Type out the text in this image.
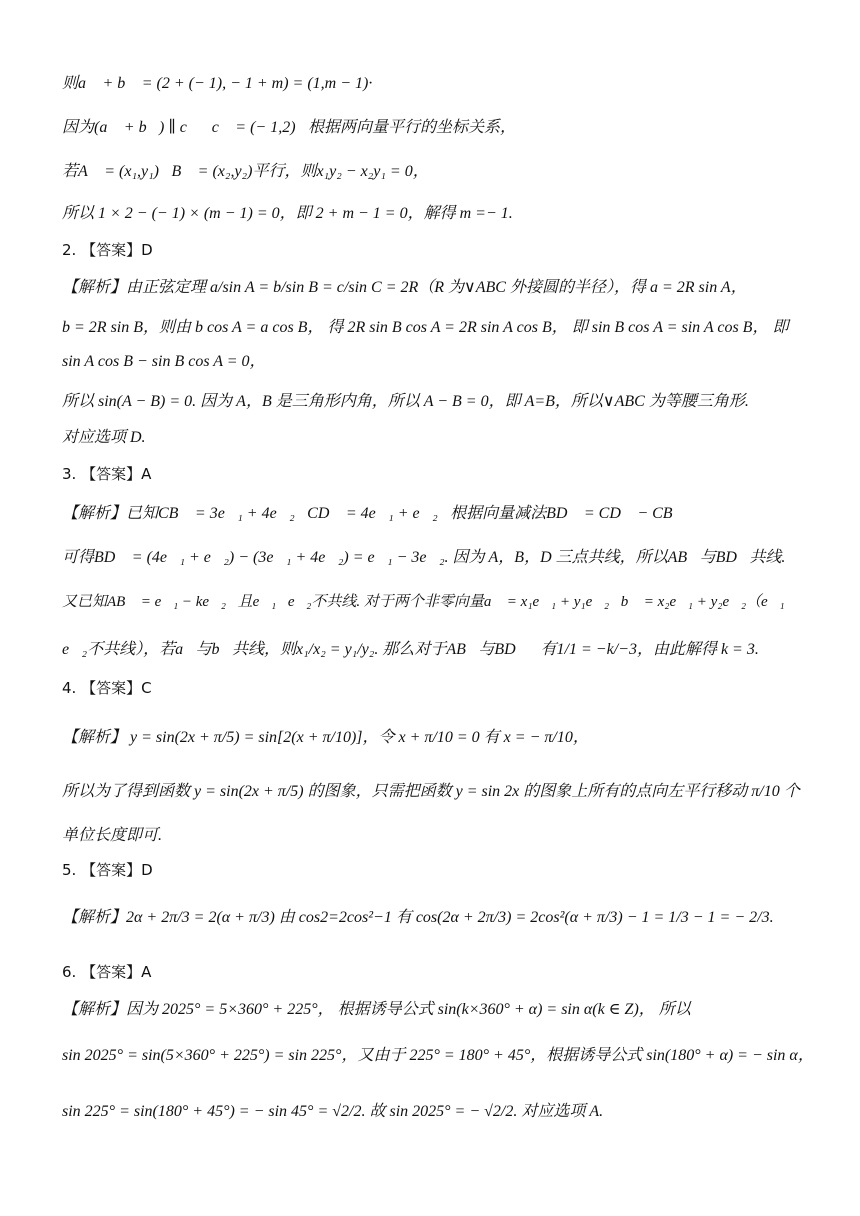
则a⃗ + b⃗ = (2 + (− 1), − 1 + m) = (1,m − 1)·
因为(a⃗ + b⃗) ∥ c⃗，c⃗ = (− 1,2)，根据两向量平行的坐标关系，
若A⃗ = (x₁,y₁)，B⃗ = (x₂,y₂)平行，则x₁y₂ − x₂y₁ = 0，
所以 1 × 2 − (− 1) × (m − 1) = 0，即 2 + m − 1 = 0，解得 m =− 1.
2. 【答案】D
【解析】由正弦定理 a/sin A = b/sin B = c/sin C = 2R（R 为∨ABC 外接圆的半径），得 a = 2R sin A，
b = 2R sin B，则由 b cos A = a cos B， 得 2R sin B cos A = 2R sin A cos B， 即 sin B cos A = sin A cos B， 即
sin A cos B − sin B cos A = 0，
所以 sin(A − B) = 0. 因为 A，B 是三角形内角，所以 A − B = 0，即 A=B，所以∨ABC 为等腰三角形.
对应选项 D.
3. 【答案】A
【解析】已知CB⃗ = 3e⃗₁ + 4e⃗₂，CD⃗ = 4e⃗₁ + e⃗₂，根据向量减法BD⃗ = CD⃗ − CB⃗，
可得BD⃗ = (4e⃗₁ + e⃗₂) − (3e⃗₁ + 4e⃗₂) = e⃗₁ − 3e⃗₂. 因为 A，B，D 三点共线，所以AB⃗与BD⃗共线.
又已知AB⃗ = e⃗₁ − ke⃗₂，且e⃗₁，e⃗₂不共线. 对于两个非零向量a⃗ = x₁e⃗₁ + y₁e⃗₂，b⃗ = x₂e⃗₁ + y₂e⃗₂（e⃗₁，
e⃗₂不共线），若a⃗与b⃗共线，则x₁/x₂ = y₁/y₂. 那么对于AB⃗与BD⃗，有1/1 = −k/−3，由此解得 k = 3.
4. 【答案】C
【解析】 y = sin(2x + π/5) = sin[2(x + π/10)]，令 x + π/10 = 0 有 x = − π/10，
所以为了得到函数 y = sin(2x + π/5) 的图象，只需把函数 y = sin 2x 的图象上所有的点向左平行移动 π/10 个
单位长度即可.
5. 【答案】D
【解析】2α + 2π/3 = 2(α + π/3) 由 cos2=2cos²−1 有 cos(2α + 2π/3) = 2cos²(α + π/3) − 1 = 1/3 − 1 = − 2/3.
6. 【答案】A
【解析】因为 2025° = 5×360° + 225°， 根据诱导公式 sin(k×360° + α) = sin α(k ∈ Z)， 所以
sin 2025° = sin(5×360° + 225°) = sin 225°，又由于 225° = 180° + 45°，根据诱导公式 sin(180° + α) = − sin α，
sin 225° = sin(180° + 45°) = − sin 45° = √2/2. 故 sin 2025° = − √2/2. 对应选项 A.
